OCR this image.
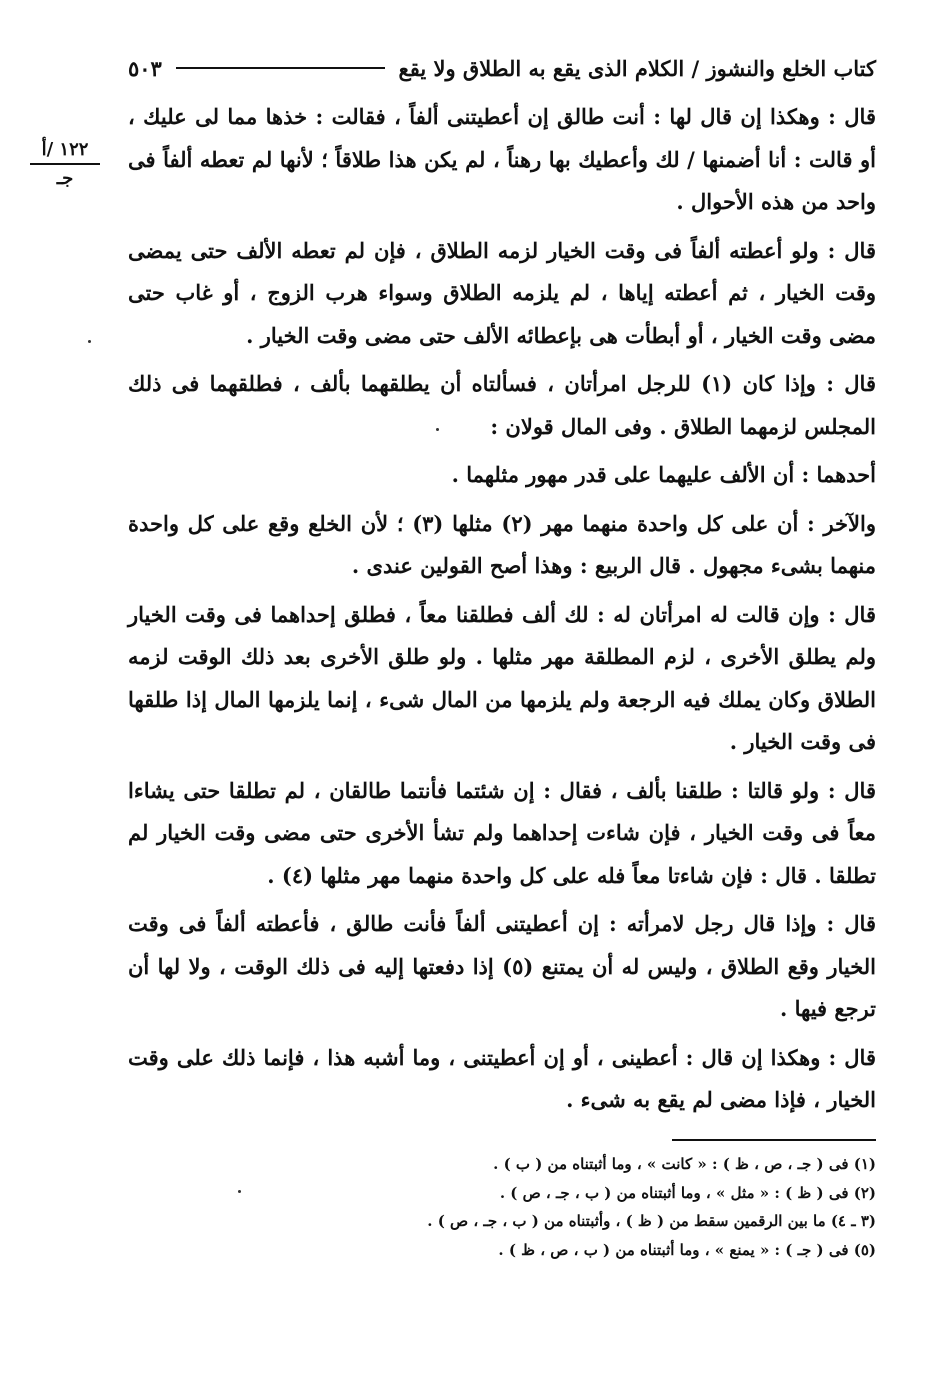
كتاب الخلع والنشوز / الكلام الذى يقع به الطلاق ولا يقع
٥٠٣
١٢٢ /أ
جـ

قال : وهكذا إن قال لها : أنت طالق إن أعطيتنى ألفاً ، فقالت : خذها مما لى عليك ، أو قالت : أنا أضمنها / لك وأعطيك بها رهناً ، لم يكن هذا طلاقاً ؛ لأنها لم تعطه ألفاً فى واحد من هذه الأحوال .

قال : ولو أعطته ألفاً فى وقت الخيار لزمه الطلاق ، فإن لم تعطه الألف حتى يمضى وقت الخيار ، ثم أعطته إياها ، لم يلزمه الطلاق وسواء هرب الزوج ، أو غاب حتى مضى وقت الخيار ، أو أبطأت هى بإعطائه الألف حتى مضى وقت الخيار .

قال : وإذا كان (١) للرجل امرأتان ، فسألتاه أن يطلقهما بألف ، فطلقهما فى ذلك المجلس لزمهما الطلاق . وفى المال قولان :

أحدهما : أن الألف عليهما على قدر مهور مثلهما .

والآخر : أن على كل واحدة منهما مهر (٢) مثلها (٣) ؛ لأن الخلع وقع على كل واحدة منهما بشىء مجهول . قال الربيع : وهذا أصح القولين عندى .

قال : وإن قالت له امرأتان له : لك ألف فطلقنا معاً ، فطلق إحداهما فى وقت الخيار ولم يطلق الأخرى ، لزم المطلقة مهر مثلها . ولو طلق الأخرى بعد ذلك الوقت لزمه الطلاق وكان يملك فيه الرجعة ولم يلزمها من المال شىء ، إنما يلزمها المال إذا طلقها فى وقت الخيار .

قال : ولو قالتا : طلقنا بألف ، فقال : إن شئتما فأنتما طالقان ، لم تطلقا حتى يشاءا معاً فى وقت الخيار ، فإن شاءت إحداهما ولم تشأ الأخرى حتى مضى وقت الخيار لم تطلقا . قال : فإن شاءتا معاً فله على كل واحدة منهما مهر مثلها (٤) .

قال : وإذا قال رجل لامرأته : إن أعطيتنى ألفاً فأنت طالق ، فأعطته ألفاً فى وقت الخيار وقع الطلاق ، وليس له أن يمتنع (٥) إذا دفعتها إليه فى ذلك الوقت ، ولا لها أن ترجع فيها .

قال : وهكذا إن قال : أعطينى ، أو إن أعطيتنى ، وما أشبه هذا ، فإنما ذلك على وقت الخيار ، فإذا مضى لم يقع به شىء .

(١) فى ( جـ ، ص ، ظ ) : « كانت » ، وما أثبتناه من ( ب ) .
(٢) فى ( ظ ) : « مثل » ، وما أثبتناه من ( ب ، جـ ، ص ) .
(٣ ـ ٤) ما بين الرقمين سقط من ( ظ ) ، وأثبتناه من ( ب ، جـ ، ص ) .
(٥) فى ( جـ ) : « يمنع » ، وما أثبتناه من ( ب ، ص ، ظ ) .
